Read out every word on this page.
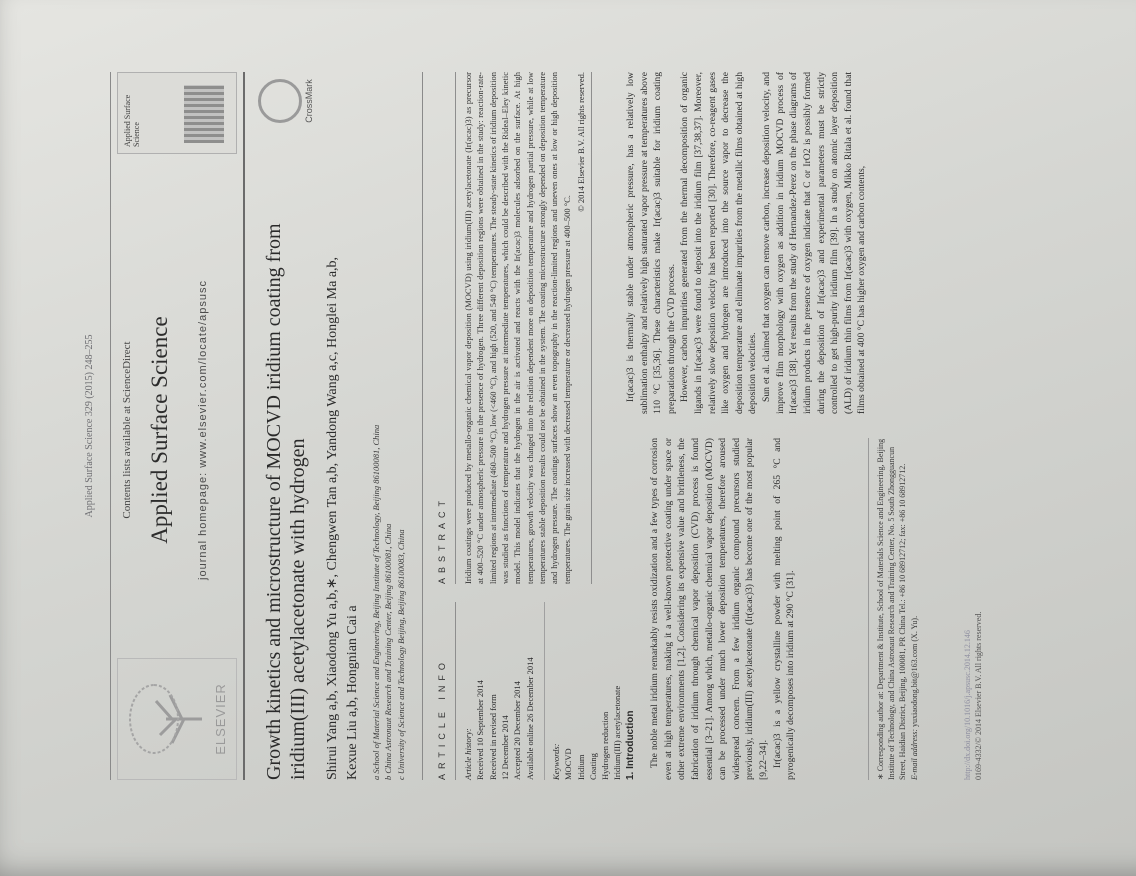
Applied Surface Science 329 (2015) 248–255
ELSEVIER
Contents lists available at ScienceDirect Applied Surface Science journal homepage: www.elsevier.com/locate/apsusc
Applied Surface Science
Growth kinetics and microstructure of MOCVD iridium coating from iridium(III) acetylacetonate with hydrogen
CrossMark
Shirui Yang a,b, Xiaodong Yu a,b,∗, Chengwen Tan a,b, Yandong Wang a,c, Honglei Ma a,b, Kexue Liu a,b, Hongnian Cai a	a School of Material Science and Engineering, Beijing Institute of Technology, Beijing 86100081, China b China Astronaut Research and Training Center, Beijing 86100081, China c University of Science and Technology Beijing, Beijing 86100083, China	ARTICLE INFO	Article history: Received 10 September 2014 Received in revised form 12 December 2014 Accepted 20 December 2014 Available online 26 December 2014 Keywords: MOCVD Iridium Coating Hydrogen reduction Iridium(III) acetylacetonate
ABSTRACT	Iridium coatings were produced by metallo-organic chemical vapor deposition (MOCVD) using iridium(III) acetylacetonate (Ir(acac)3) as precursor at 400–520 °C under atmospheric pressure in the presence of hydrogen. Three different deposition regions were obtained in the study: reaction-rate-limited regions at intermediate (460–500 °C), low (<460 °C), and high (520, and 540 °C) temperatures. The steady-state kinetics of iridium deposition was studied as functions of temperature and hydrogen pressure at intermediate temperatures, which could be described with the Rideal–Eley kinetic model. This model indicates that the hydrogen in the air is activated and reacts with the Ir(acac)3 molecules adsorbed on the surface. At high temperatures, growth velocity was changed into the relation dependent more on deposition temperature and hydrogen partial pressure, while at low temperatures stable deposition results could not be obtained in the system. The coating microstructure strongly depended on deposition temperature and hydrogen pressure. The coatings surfaces show an even topography in the reaction-limited regions and uneven ones at low or high deposition temperatures. The grain size increased with decreased temperature or decreased hydrogen pressure at 400–500 °C.
© 2014 Elsevier B.V. All rights reserved.
1. Introduction The noble metal iridium remarkably resists oxidization and a few types of corrosion even at high temperatures, making it a well-known protective coating under space or other extreme environments [1,2]. Considering its expensive value and brittleness, the fabrication of iridium through chemical vapor deposition (CVD) process is found essential [3–21]. Among which, metallo-organic chemical vapor deposition (MOCVD) can be processed under much lower deposition temperatures, therefore aroused widespread concern. From a few iridium organic compound precursors studied previously, iridium(III) acetylacetonate (Ir(acac)3) has become one of the most popular [9,22–34]. Ir(acac)3 is a yellow crystalline powder with melting point of 265 °C and pyrogenically decomposes into iridium at 290 °C [31].

Ir(acac)3 is thermally stable under atmospheric pressure, has a relatively low sublimation enthalpy and relatively high saturated vapor pressure at temperatures above 110 °C [35,36]. These characteristics make Ir(acac)3 suitable for iridium coating preparations through the CVD process. However, carbon impurities generated from the thermal decomposition of organic ligands in Ir(acac)3 were found to deposit into the iridium film [37,38,37]. Moreover, relatively slow deposition velocity has been reported [30]. Therefore, co-reagent gases like oxygen and hydrogen are introduced into the source vapor to decrease the deposition temperature and eliminate impurities from the metallic films obtained at high deposition velocities. Sun et al. claimed that oxygen can remove carbon, increase deposition velocity, and improve film morphology with oxygen as addition in iridium MOCVD process of Ir(acac)3 [38]. Yet results from the study of Hernandez-Perez on the phase diagrams of iridium products in the presence of oxygen indicate that C or IrO2 is possibly formed during the deposition of Ir(acac)3 and experimental parameters must be strictly controlled to get high-purity iridium film [39]. In a study on atomic layer deposition (ALD) of iridium thin films from Ir(acac)3 with oxygen, Mikko Ritala et al. found that films obtained at 400 °C has higher oxygen and carbon contents,

∗ Corresponding author at: Department & Institute, School of Materials Science and Engineering, Beijing Institute of Technology, and China Astronaut Research and Training Center, No. 5 South Zhongguancun Street, Haidian District, Beijing, 100081, PR China Tel.: +86 10 68912712; fax: +86 10 68912712. E-mail address: yuxiaodong.bit@163.com (X. Yu).	http://dx.doi.org/10.1016/j.apsusc.2014.12.146 0169-4332/© 2014 Elsevier B.V. All rights reserved.
